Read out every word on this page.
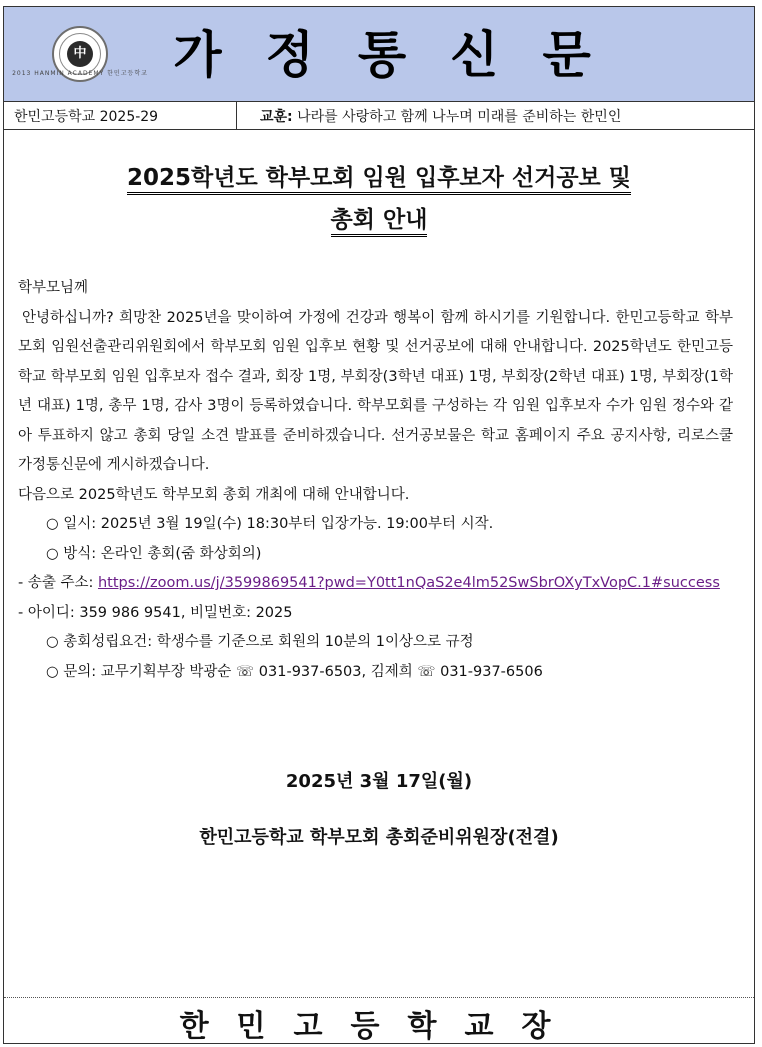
中
2013 HANMIN ACADEMY 한민고등학교 가정통신문
한민고등학교 2025-29	교훈: 나라를 사랑하고 함께 나누며 미래를 준비하는 한민인
2025학년도 학부모회 임원 입후보자 선거공보 및
총회 안내

학부모님께

안녕하십니까? 희망찬 2025년을 맞이하여 가정에 건강과 행복이 함께 하시기를 기원합니다. 한민고등학교 학부모회 임원선출관리위원회에서 학부모회 임원 입후보 현황 및 선거공보에 대해 안내합니다. 2025학년도 한민고등학교 학부모회 임원 입후보자 접수 결과, 회장 1명, 부회장(3학년 대표) 1명, 부회장(2학년 대표) 1명, 부회장(1학년 대표) 1명, 총무 1명, 감사 3명이 등록하였습니다. 학부모회를 구성하는 각 임원 입후보자 수가 임원 정수와 같아 투표하지 않고 총회 당일 소견 발표를 준비하겠습니다. 선거공보물은 학교 홈페이지 주요 공지사항, 리로스쿨 가정통신문에 게시하겠습니다.

다음으로 2025학년도 학부모회 총회 개최에 대해 안내합니다.

○ 일시: 2025년 3월 19일(수) 18:30부터 입장가능. 19:00부터 시작.

○ 방식: 온라인 총회(줌 화상회의)

- 송출 주소: https://zoom.us/j/3599869541?pwd=Y0tt1nQaS2e4lm52SwSbrOXyTxVopC.1#success

- 아이디: 359 986 9541, 비밀번호: 2025

○ 총회성립요건: 학생수를 기준으로 회원의 10분의 1이상으로 규정

○ 문의: 교무기획부장 박광순 ☏ 031-937-6503, 김제희 ☏ 031-937-6506

2025년 3월 17일(월)
한민고등학교 학부모회 총회준비위원장(전결)
한민고등학교장
